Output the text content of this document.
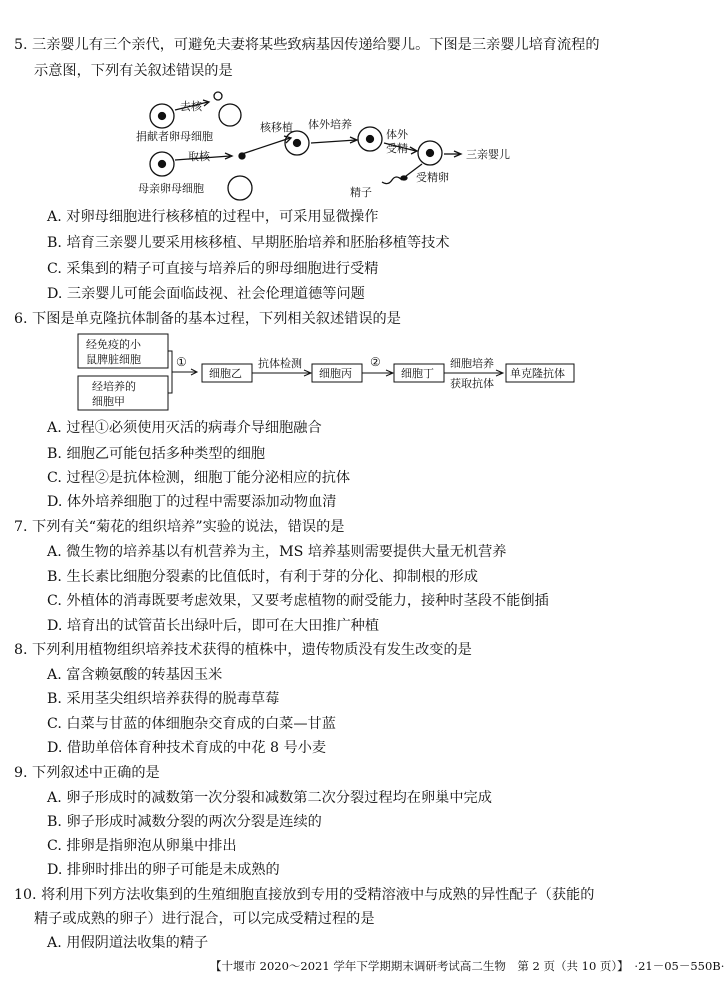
5. 三亲婴儿有三个亲代，可避免夫妻将某些致病基因传递给婴儿。下图是三亲婴儿培育流程的
示意图，下列有关叙述错误的是
去核
捐献者卵母细胞
核移植 体外培养
体外
受精	三亲婴儿
取核
母亲卵母细胞	精子
受精卵
A. 对卵母细胞进行核移植的过程中，可采用显微操作
B. 培育三亲婴儿要采用核移植、早期胚胎培养和胚胎移植等技术
C. 采集到的精子可直接与培养后的卵母细胞进行受精
D. 三亲婴儿可能会面临歧视、社会伦理道德等问题
6. 下图是单克隆抗体制备的基本过程，下列相关叙述错误的是
经免疫的小
鼠脾脏细胞
经培养的
细胞甲
①
细胞乙
抗体检测
细胞丙
②
细胞丁
细胞培养
获取抗体
单克隆抗体
A. 过程①必须使用灭活的病毒介导细胞融合
B. 细胞乙可能包括多种类型的细胞
C. 过程②是抗体检测，细胞丁能分泌相应的抗体
D. 体外培养细胞丁的过程中需要添加动物血清
7. 下列有关“菊花的组织培养”实验的说法，错误的是
A. 微生物的培养基以有机营养为主，MS 培养基则需要提供大量无机营养
B. 生长素比细胞分裂素的比值低时，有利于芽的分化、抑制根的形成
C. 外植体的消毒既要考虑效果，又要考虑植物的耐受能力，接种时茎段不能倒插
D. 培育出的试管苗长出绿叶后，即可在大田推广种植
8. 下列利用植物组织培养技术获得的植株中，遗传物质没有发生改变的是
A. 富含赖氨酸的转基因玉米
B. 采用茎尖组织培养获得的脱毒草莓
C. 白菜与甘蓝的体细胞杂交育成的白菜—甘蓝
D. 借助单倍体育种技术育成的中花 8 号小麦
9. 下列叙述中正确的是
A. 卵子形成时的减数第一次分裂和减数第二次分裂过程均在卵巢中完成
B. 卵子形成时减数分裂的两次分裂是连续的
C. 排卵是指卵泡从卵巢中排出
D. 排卵时排出的卵子可能是未成熟的
10. 将利用下列方法收集到的生殖细胞直接放到专用的受精溶液中与成熟的异性配子（获能的
精子或成熟的卵子）进行混合，可以完成受精过程的是
A. 用假阴道法收集的精子
【十堰市 2020～2021 学年下学期期末调研考试高二生物　第 2 页（共 10 页）】　·21－05－550B·
